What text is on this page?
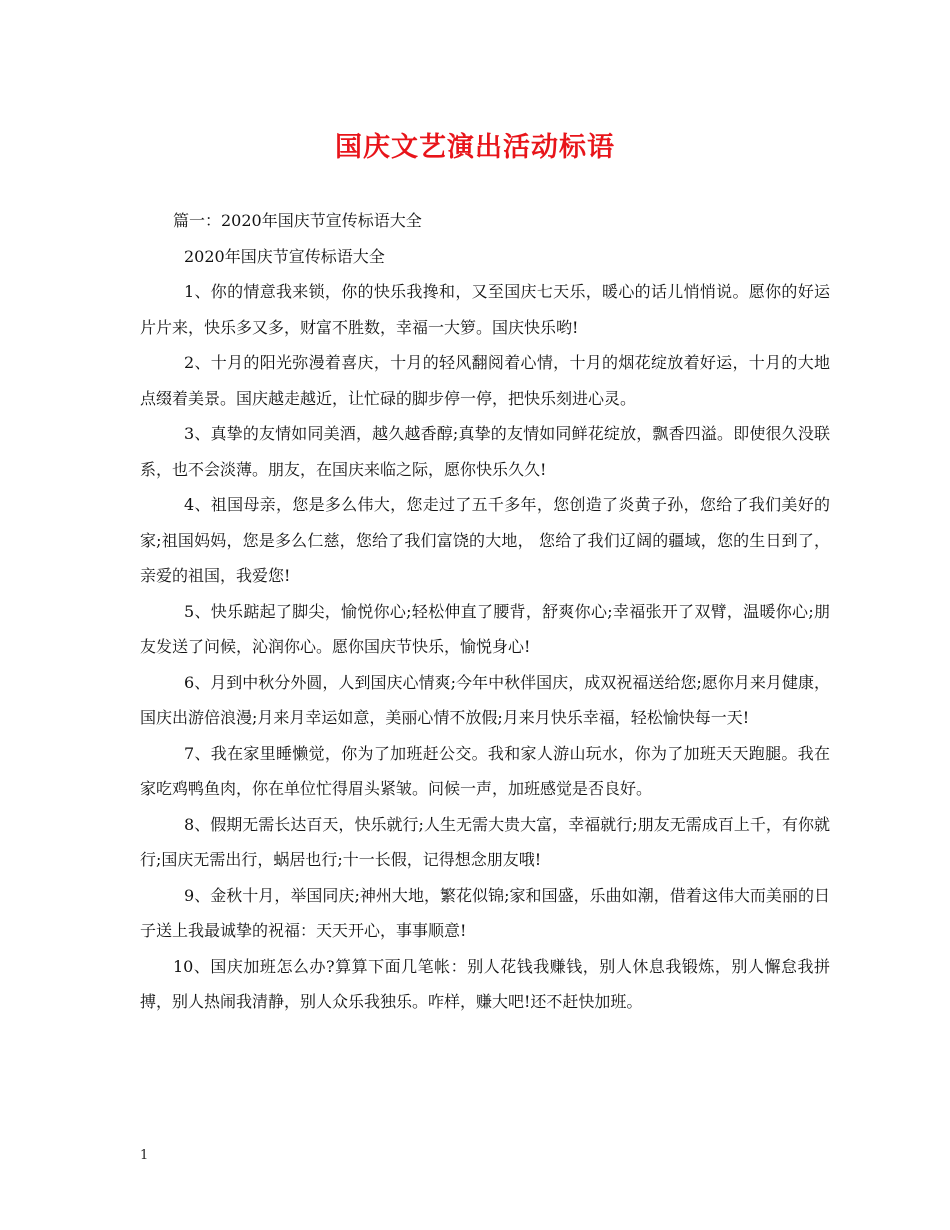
国庆文艺演出活动标语

篇一：2020年国庆节宣传标语大全

2020年国庆节宣传标语大全

1、你的情意我来锁，你的快乐我搀和，又至国庆七天乐，暖心的话儿悄悄说。愿你的好运片片来，快乐多又多，财富不胜数，幸福一大箩。国庆快乐哟!

2、十月的阳光弥漫着喜庆，十月的轻风翻阅着心情，十月的烟花绽放着好运，十月的大地点缀着美景。国庆越走越近，让忙碌的脚步停一停，把快乐刻进心灵。

3、真挚的友情如同美酒，越久越香醇;真挚的友情如同鲜花绽放，飘香四溢。即使很久没联系，也不会淡薄。朋友，在国庆来临之际，愿你快乐久久!

4、祖国母亲，您是多么伟大，您走过了五千多年，您创造了炎黄子孙，您给了我们美好的家;祖国妈妈，您是多么仁慈，您给了我们富饶的大地， 您给了我们辽阔的疆域，您的生日到了，亲爱的祖国，我爱您!

5、快乐踮起了脚尖，愉悦你心;轻松伸直了腰背，舒爽你心;幸福张开了双臂，温暖你心;朋友发送了问候，沁润你心。愿你国庆节快乐，愉悦身心!

6、月到中秋分外圆，人到国庆心情爽;今年中秋伴国庆，成双祝福送给您;愿你月来月健康，国庆出游倍浪漫;月来月幸运如意，美丽心情不放假;月来月快乐幸福，轻松愉快每一天!

7、我在家里睡懒觉，你为了加班赶公交。我和家人游山玩水，你为了加班天天跑腿。我在家吃鸡鸭鱼肉，你在单位忙得眉头紧皱。问候一声，加班感觉是否良好。

8、假期无需长达百天，快乐就行;人生无需大贵大富，幸福就行;朋友无需成百上千，有你就行;国庆无需出行，蜗居也行;十一长假，记得想念朋友哦!

9、金秋十月，举国同庆;神州大地，繁花似锦;家和国盛，乐曲如潮，借着这伟大而美丽的日子送上我最诚挚的祝福：天天开心，事事顺意!

10、国庆加班怎么办?算算下面几笔帐：别人花钱我赚钱，别人休息我锻炼，别人懈怠我拼搏，别人热闹我清静，别人众乐我独乐。咋样，赚大吧!还不赶快加班。

1
